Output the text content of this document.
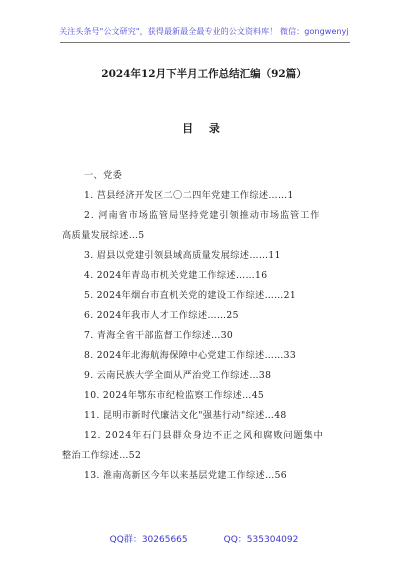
关注头条号"公文研究"，获得最新最全最专业的公文资料库！ 微信：gongwenyj
2024年12月下半月工作总结汇编（92篇）
目 录
一、党委
1. 莒县经济开发区二〇二四年党建工作综述……1
2. 河南省市场监管局坚持党建引领推动市场监管工作
高质量发展综述…5
3. 眉县以党建引领县域高质量发展综述……11
4. 2024年青岛市机关党建工作综述……16
5. 2024年烟台市直机关党的建设工作综述……21
6. 2024年我市人才工作综述……25
7. 青海全省干部监督工作综述…30
8. 2024年北海航海保障中心党建工作综述……33
9. 云南民族大学全面从严治党工作综述…38
10. 2024年鄂东市纪检监察工作综述…45
11. 昆明市新时代廉洁文化"强基行动"综述…48
12. 2024年石门县群众身边不正之风和腐败问题集中
整治工作综述…52
13. 淮南高新区今年以来基层党建工作综述…56
QQ群：30265665	QQ：535304092
